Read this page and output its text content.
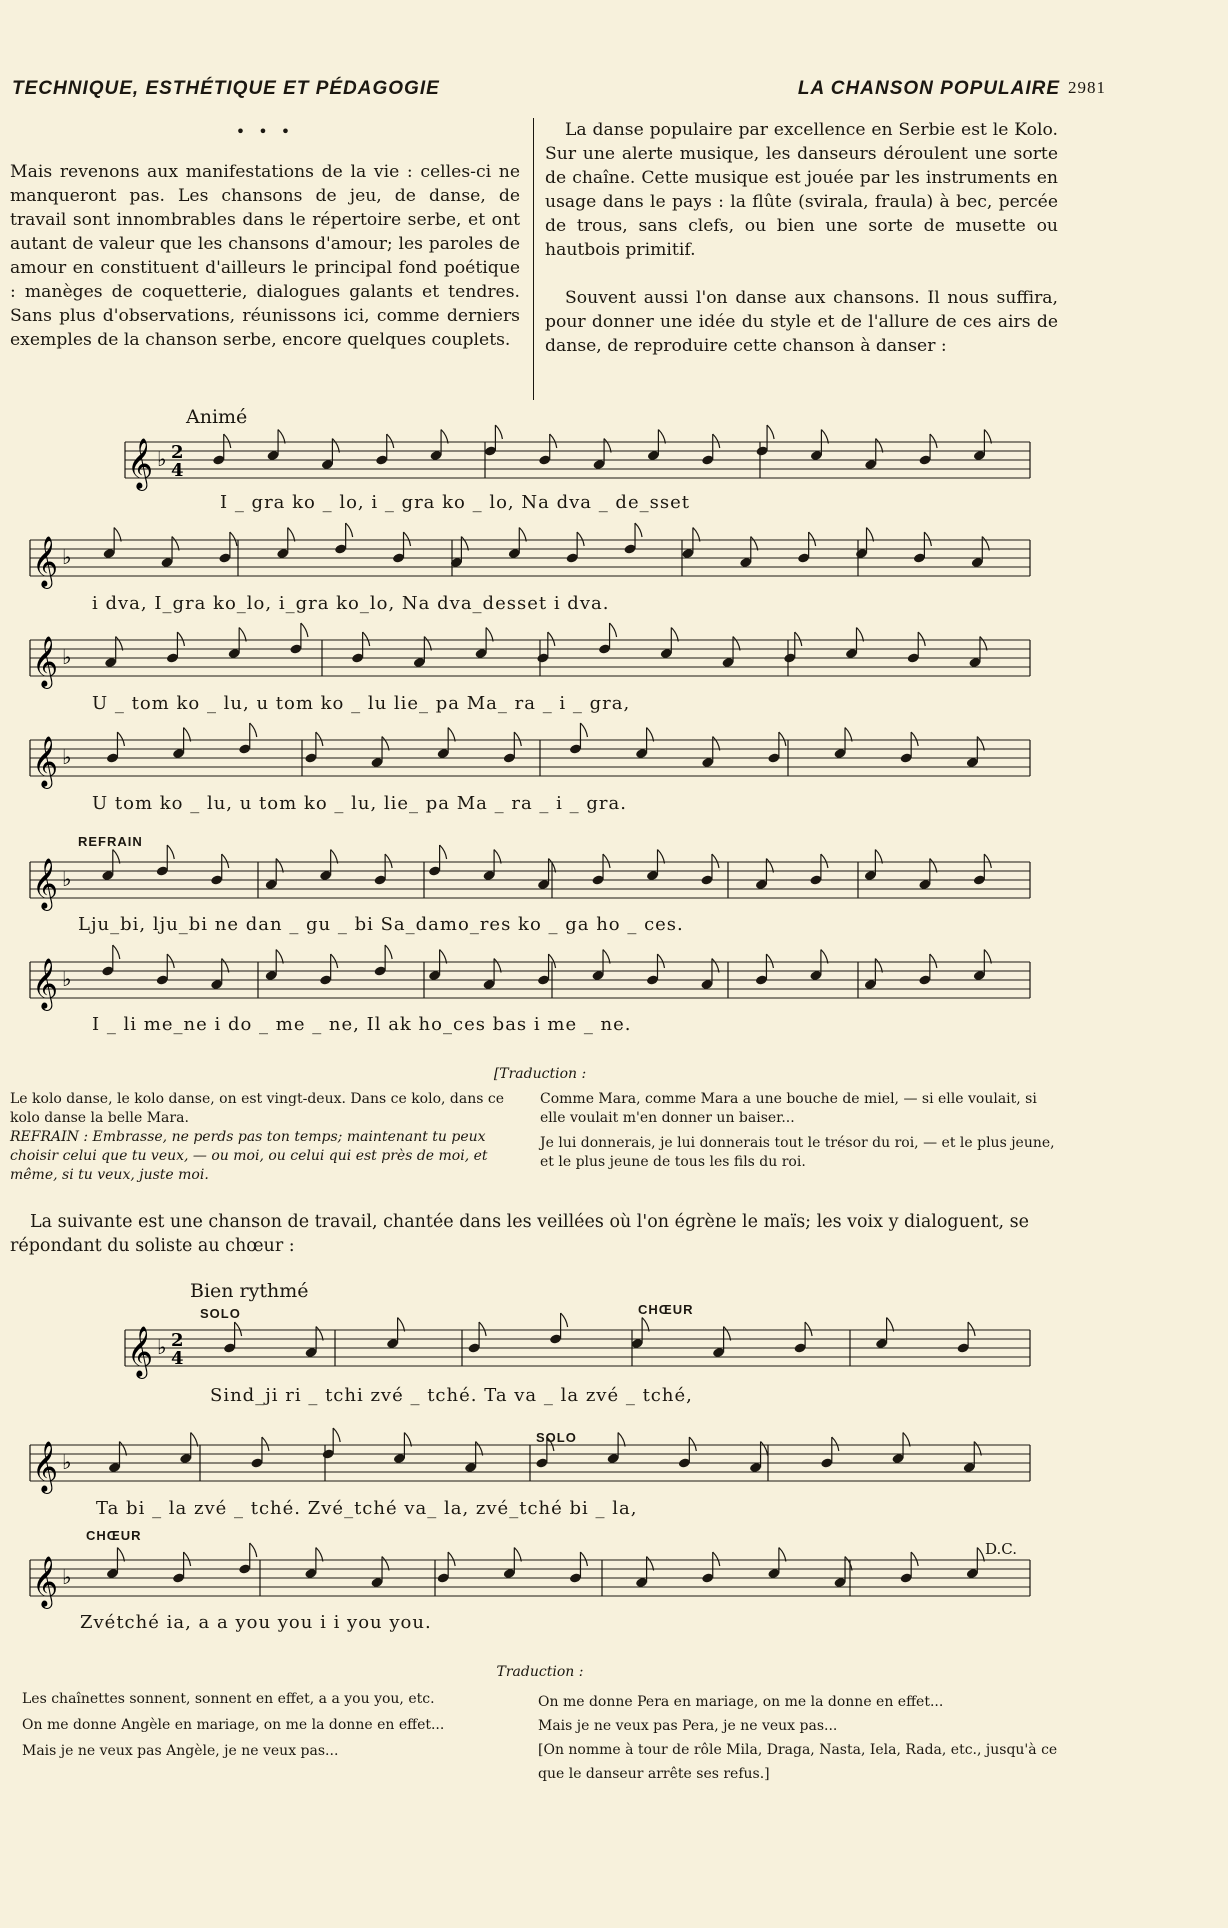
TECHNIQUE, ESTHÉTIQUE ET PÉDAGOGIE	LA CHANSON POPULAIRE 2981
• • •
Mais revenons aux manifestations de la vie : celles-ci ne manqueront pas. Les chansons de jeu, de danse, de travail sont innombrables dans le répertoire serbe, et ont autant de valeur que les chansons d'amour; les paroles de amour en constituent d'ailleurs le principal fond poétique : manèges de coquetterie, dialogues galants et tendres. Sans plus d'observations, réunissons ici, comme derniers exemples de la chanson serbe, encore quelques couplets.
La danse populaire par excellence en Serbie est le Kolo. Sur une alerte musique, les danseurs déroulent une sorte de chaîne. Cette musique est jouée par les instruments en usage dans le pays : la flûte (svirala, fraula) à bec, percée de trous, sans clefs, ou bien une sorte de musette ou hautbois primitif.
Souvent aussi l'on danse aux chansons. Il nous suffira, pour donner une idée du style et de l'allure de ces airs de danse, de reproduire cette chanson à danser :
Animé
REFRAIN
I _ gra ko _ lo, i _ gra ko _ lo, Na dva _ de_sset
i dva, I_gra ko_lo, i_gra ko_lo, Na dva_desset i dva.
U _ tom ko _ lu, u tom ko _ lu lie_ pa Ma_ ra _ i _ gra,
U tom ko _ lu, u tom ko _ lu, lie_ pa Ma _ ra _ i _ gra.
Lju_bi, lju_bi ne dan _ gu _ bi Sa_damo_res ko _ ga ho _ ces.
I _ li me_ne i do _ me _ ne, Il ak ho_ces bas i me _ ne.
[Traduction :
Le kolo danse, le kolo danse, on est vingt-deux. Dans ce kolo, dans ce kolo danse la belle Mara.
REFRAIN : Embrasse, ne perds pas ton temps; maintenant tu peux choisir celui que tu veux, — ou moi, ou celui qui est près de moi, et même, si tu veux, juste moi.
Comme Mara, comme Mara a une bouche de miel, — si elle voulait, si elle voulait m'en donner un baiser...
Je lui donnerais, je lui donnerais tout le trésor du roi, — et le plus jeune, et le plus jeune de tous les fils du roi.
La suivante est une chanson de travail, chantée dans les veillées où l'on égrène le maïs; les voix y dialoguent, se répondant du soliste au chœur :
Bien rythmé
SOLO	CHŒUR
SOLO
CHŒUR
D.C.
Sind_ji ri _ tchi zvé _ tché. Ta va _ la zvé _ tché,
Ta bi _ la zvé _ tché. Zvé_tché va_ la, zvé_tché bi _ la,
Zvétché ia, a a you you i i you you.
Traduction :
Les chaînettes sonnent, sonnent en effet, a a you you, etc.
On me donne Angèle en mariage, on me la donne en effet...
Mais je ne veux pas Angèle, je ne veux pas...
On me donne Pera en mariage, on me la donne en effet...
Mais je ne veux pas Pera, je ne veux pas...
[On nomme à tour de rôle Mila, Draga, Nasta, Iela, Rada, etc., jusqu'à ce que le danseur arrête ses refus.]
𝄞 ♭ 2
4
𝄞 ♭
𝄞 ♭
𝄞 ♭
𝄞 ♭
𝄞 ♭
𝄞 ♭ 2
4
𝄞 ♭
𝄞 ♭
